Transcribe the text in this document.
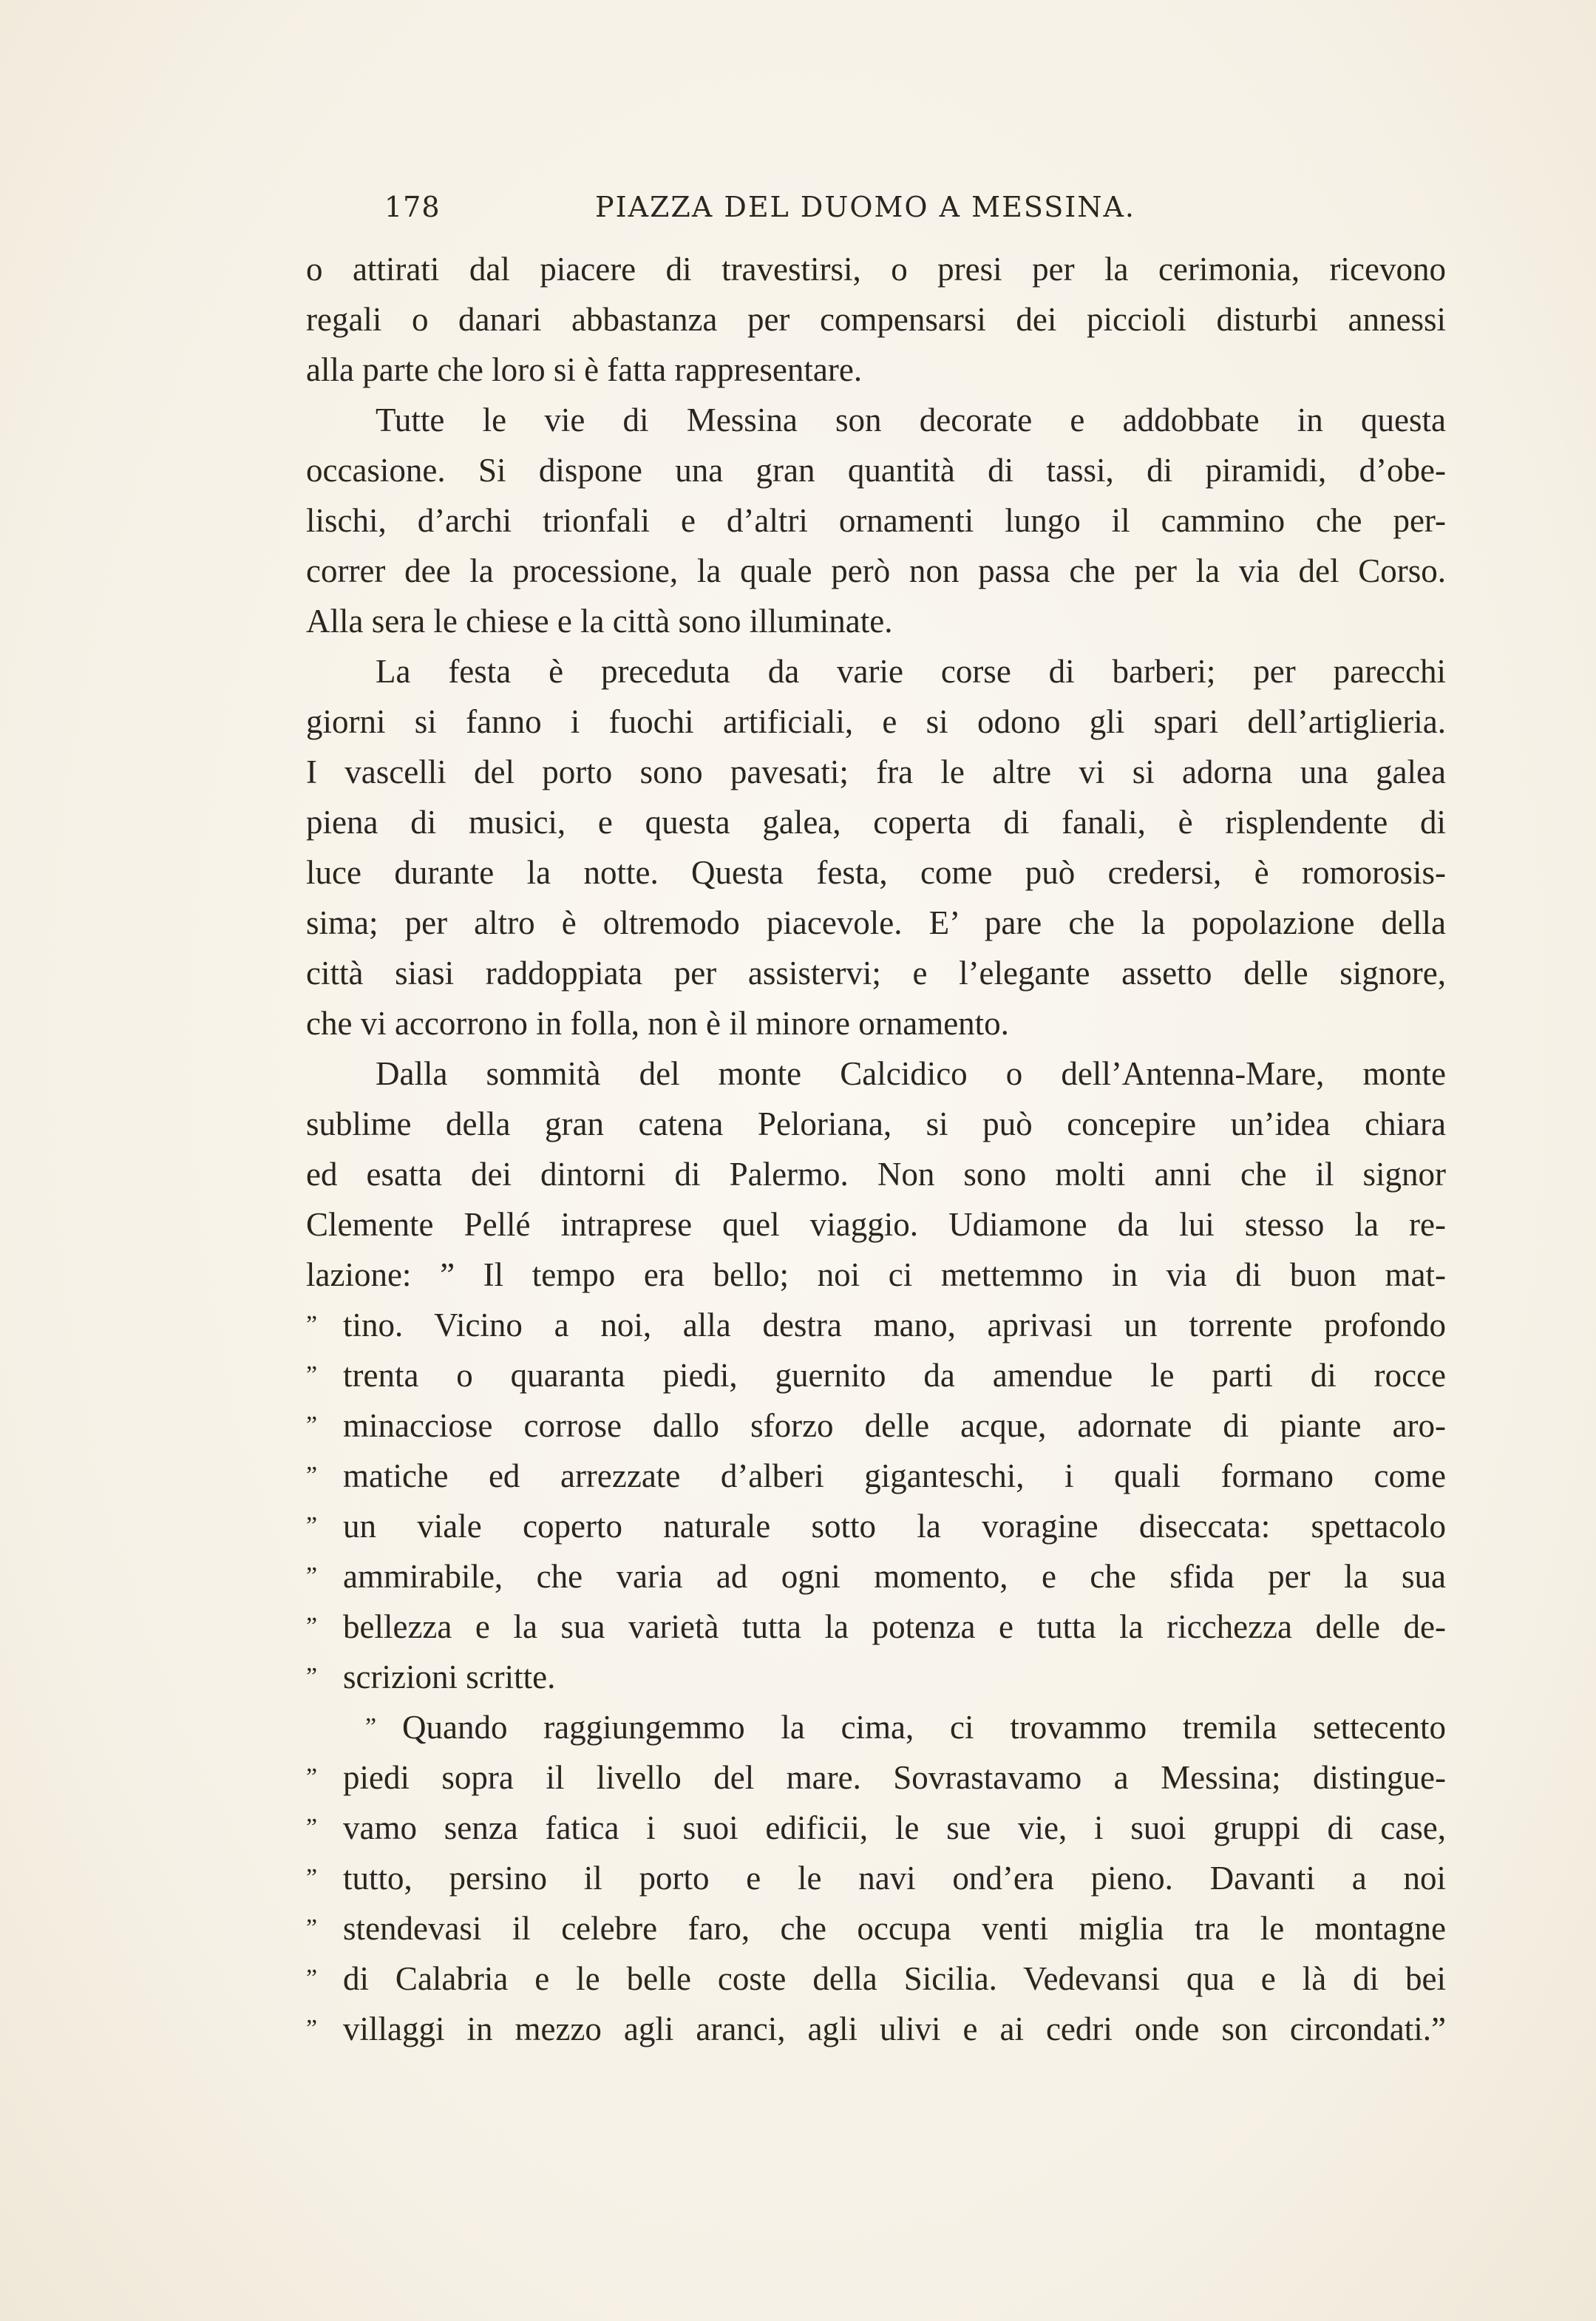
178	PIAZZA DEL DUOMO A MESSINA.
o attirati dal piacere di travestirsi, o presi per la cerimonia, ricevono
regali o danari abbastanza per compensarsi dei piccioli disturbi annessi
alla parte che loro si è fatta rappresentare.
Tutte le vie di Messina son decorate e addobbate in questa
occasione. Si dispone una gran quantità di tassi, di piramidi, d’obe-
lischi, d’archi trionfali e d’altri ornamenti lungo il cammino che per-
correr dee la processione, la quale però non passa che per la via del Corso.
Alla sera le chiese e la città sono illuminate.
La festa è preceduta da varie corse di barberi; per parecchi
giorni si fanno i fuochi artificiali, e si odono gli spari dell’artiglieria.
I vascelli del porto sono pavesati; fra le altre vi si adorna una galea
piena di musici, e questa galea, coperta di fanali, è risplendente di
luce durante la notte. Questa festa, come può credersi, è romorosis-
sima; per altro è oltremodo piacevole. E’ pare che la popolazione della
città siasi raddoppiata per assistervi; e l’elegante assetto delle signore,
che vi accorrono in folla, non è il minore ornamento.
Dalla sommità del monte Calcidico o dell’Antenna-Mare, monte
sublime della gran catena Peloriana, si può concepire un’idea chiara
ed esatta dei dintorni di Palermo. Non sono molti anni che il signor
Clemente Pellé intraprese quel viaggio. Udiamone da lui stesso la re-
lazione: ” Il tempo era bello; noi ci mettemmo in via di buon mat-
” tino. Vicino a noi, alla destra mano, aprivasi un torrente profondo
” trenta o quaranta piedi, guernito da amendue le parti di rocce
” minacciose corrose dallo sforzo delle acque, adornate di piante aro-
” matiche ed arrezzate d’alberi giganteschi, i quali formano come
” un viale coperto naturale sotto la voragine diseccata: spettacolo
” ammirabile, che varia ad ogni momento, e che sfida per la sua
” bellezza e la sua varietà tutta la potenza e tutta la ricchezza delle de-
” scrizioni scritte.
” Quando raggiungemmo la cima, ci trovammo tremila settecento
” piedi sopra il livello del mare. Sovrastavamo a Messina; distingue-
” vamo senza fatica i suoi edificii, le sue vie, i suoi gruppi di case,
” tutto, persino il porto e le navi ond’era pieno. Davanti a noi
” stendevasi il celebre faro, che occupa venti miglia tra le montagne
” di Calabria e le belle coste della Sicilia. Vedevansi qua e là di bei
” villaggi in mezzo agli aranci, agli ulivi e ai cedri onde son circondati.”
